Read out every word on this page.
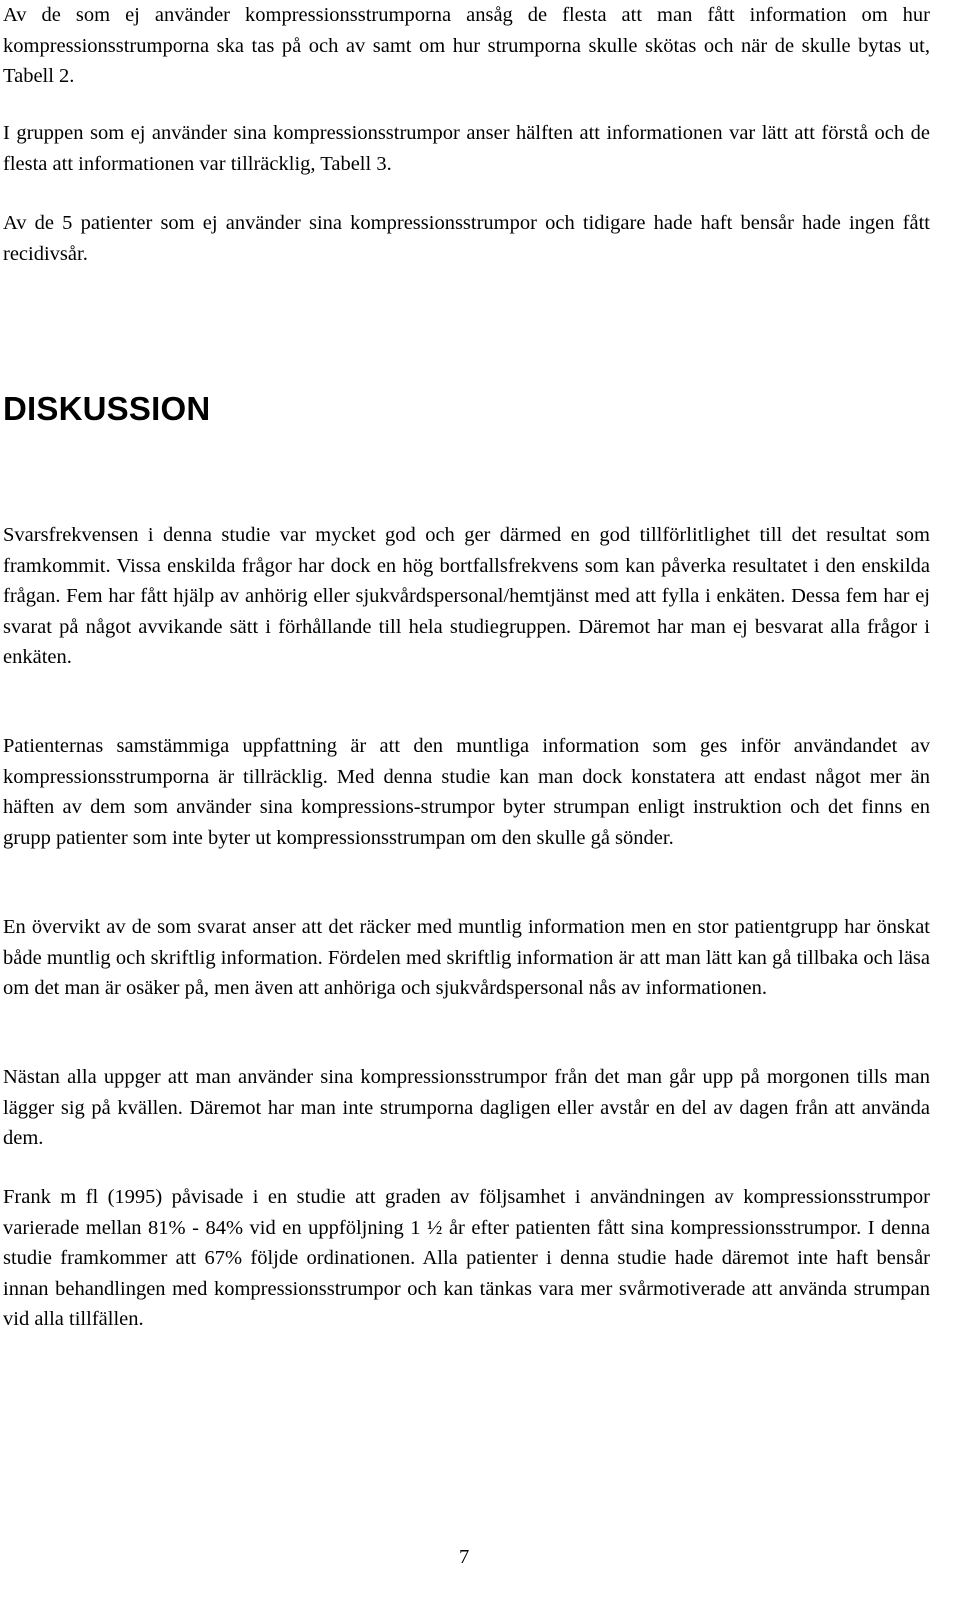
Av de som ej använder kompressionsstrumporna ansåg de flesta att man fått information om hur kompressionsstrumporna ska tas på och av samt om hur strumporna skulle skötas och när de skulle bytas ut, Tabell 2.

I gruppen som ej använder sina kompressionsstrumpor anser hälften att informationen var lätt att förstå och de flesta att informationen var tillräcklig, Tabell 3.

Av de 5 patienter som ej använder sina kompressionsstrumpor och tidigare hade haft bensår hade ingen fått recidivsår.

DISKUSSION

Svarsfrekvensen i denna studie var mycket god och ger därmed en god tillförlitlighet till det resultat som framkommit. Vissa enskilda frågor har dock en hög bortfallsfrekvens som kan påverka resultatet i den enskilda frågan. Fem har fått hjälp av anhörig eller sjukvårdspersonal/hemtjänst med att fylla i enkäten. Dessa fem har ej svarat på något avvikande sätt i förhållande till hela studiegruppen. Däremot har man ej besvarat alla frågor i enkäten.

Patienternas samstämmiga uppfattning är att den muntliga information som ges inför användandet av kompressionsstrumporna är tillräcklig. Med denna studie kan man dock konstatera att endast något mer än häften av dem som använder sina kompressions-strumpor byter strumpan enligt instruktion och det finns en grupp patienter som inte byter ut kompressionsstrumpan om den skulle gå sönder.

En övervikt av de som svarat anser att det räcker med muntlig information men en stor patientgrupp har önskat både muntlig och skriftlig information. Fördelen med skriftlig information är att man lätt kan gå tillbaka och läsa om det man är osäker på, men även att anhöriga och sjukvårdspersonal nås av informationen.

Nästan alla uppger att man använder sina kompressionsstrumpor från det man går upp på morgonen tills man lägger sig på kvällen. Däremot har man inte strumporna dagligen eller avstår en del av dagen från att använda dem.

Frank m fl (1995) påvisade i en studie att graden av följsamhet i användningen av kompressionsstrumpor varierade mellan 81% - 84% vid en uppföljning 1 ½ år efter patienten fått sina kompressionsstrumpor. I denna studie framkommer att 67% följde ordinationen. Alla patienter i denna studie hade däremot inte haft bensår innan behandlingen med kompressionsstrumpor och kan tänkas vara mer svårmotiverade att använda strumpan vid alla tillfällen.

7
